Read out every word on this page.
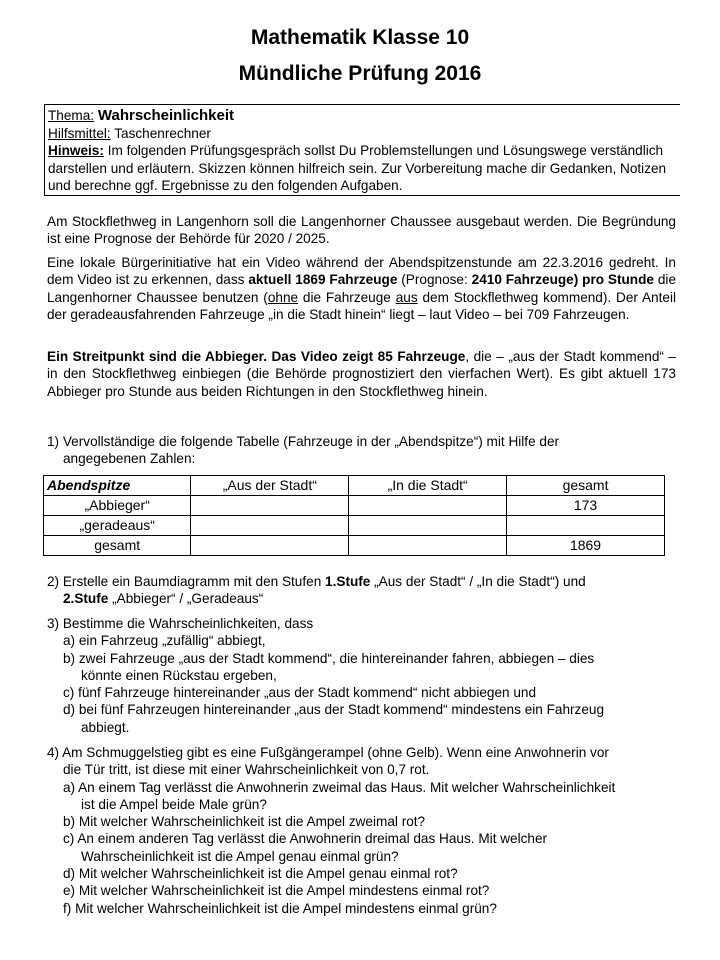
Mathematik Klasse 10
Mündliche Prüfung 2016
Thema: Wahrscheinlichkeit
Hilfsmittel: Taschenrechner
Hinweis: Im folgenden Prüfungsgespräch sollst Du Problemstellungen und Lösungswege verständlich darstellen und erläutern. Skizzen können hilfreich sein. Zur Vorbereitung mache dir Gedanken, Notizen und berechne ggf. Ergebnisse zu den folgenden Aufgaben.
Am Stockflethweg in Langenhorn soll die Langenhorner Chaussee ausgebaut werden. Die Begründung ist eine Prognose der Behörde für 2020 / 2025.
Eine lokale Bürgerinitiative hat ein Video während der Abendspitzenstunde am 22.3.2016 gedreht. In dem Video ist zu erkennen, dass aktuell 1869 Fahrzeuge (Prognose: 2410 Fahrzeuge) pro Stunde die Langenhorner Chaussee benutzen (ohne die Fahrzeuge aus dem Stockflethweg kommend). Der Anteil der geradeausfahrenden Fahrzeuge „in die Stadt hinein“ liegt – laut Video – bei 709 Fahrzeugen.
Ein Streitpunkt sind die Abbieger. Das Video zeigt 85 Fahrzeuge, die – „aus der Stadt kommend“ – in den Stockflethweg einbiegen (die Behörde prognostiziert den vierfachen Wert). Es gibt aktuell 173 Abbieger pro Stunde aus beiden Richtungen in den Stockflethweg hinein.
1) Vervollständige die folgende Tabelle (Fahrzeuge in der „Abendspitze“) mit Hilfe der
angegebenen Zahlen:
Abendspitze	„Aus der Stadt“	„In die Stadt“	gesamt
„Abbieger“			173
„geradeaus“			
gesamt			1869
2) Erstelle ein Baumdiagramm mit den Stufen 1.Stufe „Aus der Stadt“ / „In die Stadt“) und
2.Stufe „Abbieger“ / „Geradeaus“
3) Bestimme die Wahrscheinlichkeiten, dass
a) ein Fahrzeug „zufällig“ abbiegt,
b) zwei Fahrzeuge „aus der Stadt kommend“, die hintereinander fahren, abbiegen – dies
könnte einen Rückstau ergeben,
c) fünf Fahrzeuge hintereinander „aus der Stadt kommend“ nicht abbiegen und
d) bei fünf Fahrzeugen hintereinander „aus der Stadt kommend“ mindestens ein Fahrzeug
abbiegt.
4) Am Schmuggelstieg gibt es eine Fußgängerampel (ohne Gelb). Wenn eine Anwohnerin vor
die Tür tritt, ist diese mit einer Wahrscheinlichkeit von 0,7 rot.
a) An einem Tag verlässt die Anwohnerin zweimal das Haus. Mit welcher Wahrscheinlichkeit
ist die Ampel beide Male grün?
b) Mit welcher Wahrscheinlichkeit ist die Ampel zweimal rot?
c) An einem anderen Tag verlässt die Anwohnerin dreimal das Haus. Mit welcher
Wahrscheinlichkeit ist die Ampel genau einmal grün?
d) Mit welcher Wahrscheinlichkeit ist die Ampel genau einmal rot?
e) Mit welcher Wahrscheinlichkeit ist die Ampel mindestens einmal rot?
f) Mit welcher Wahrscheinlichkeit ist die Ampel mindestens einmal grün?
